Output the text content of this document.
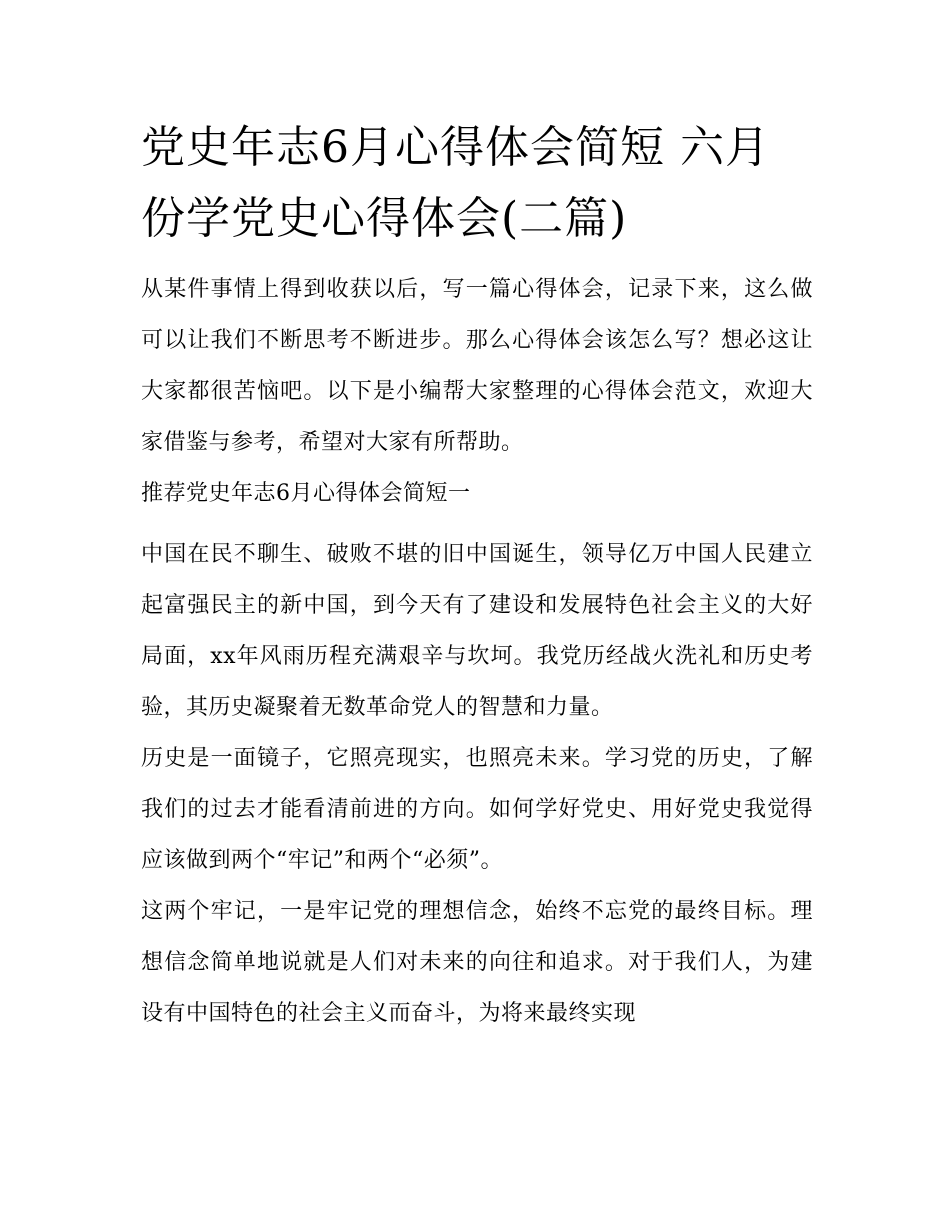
党史年志6月心得体会简短 六月份学党史心得体会(二篇)

从某件事情上得到收获以后，写一篇心得体会，记录下来，这么做可以让我们不断思考不断进步。那么心得体会该怎么写？想必这让大家都很苦恼吧。以下是小编帮大家整理的心得体会范文，欢迎大家借鉴与参考，希望对大家有所帮助。

推荐党史年志6月心得体会简短一

中国在民不聊生、破败不堪的旧中国诞生，领导亿万中国人民建立起富强民主的新中国，到今天有了建设和发展特色社会主义的大好局面，xx年风雨历程充满艰辛与坎坷。我党历经战火洗礼和历史考验，其历史凝聚着无数革命党人的智慧和力量。

历史是一面镜子，它照亮现实，也照亮未来。学习党的历史，了解我们的过去才能看清前进的方向。如何学好党史、用好党史我觉得应该做到两个“牢记”和两个“必须”。

这两个牢记，一是牢记党的理想信念，始终不忘党的最终目标。理想信念简单地说就是人们对未来的向往和追求。对于我们人，为建设有中国特色的社会主义而奋斗，为将来最终实现
